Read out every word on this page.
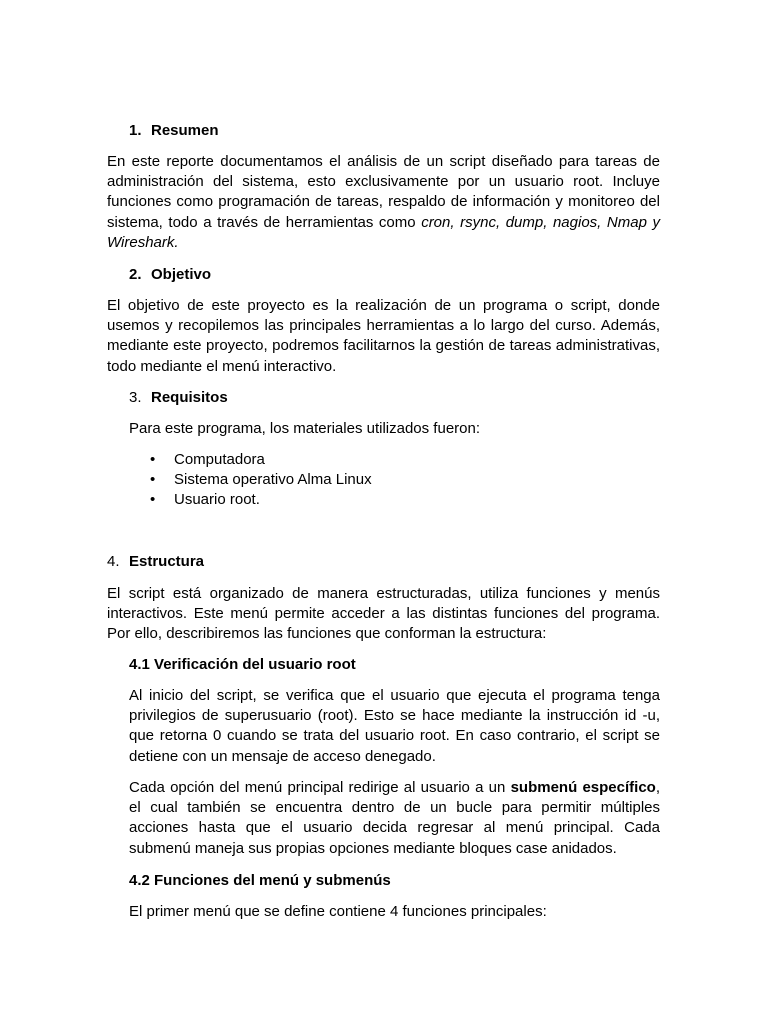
1. Resumen
En este reporte documentamos el análisis de un script diseñado para tareas de
administración del sistema, esto exclusivamente por un usuario root. Incluye
funciones como programación de tareas, respaldo de información y monitoreo del
sistema, todo a través de herramientas como cron, rsync, dump, nagios, Nmap y
Wireshark.
2. Objetivo
El objetivo de este proyecto es la realización de un programa o script, donde
usemos y recopilemos las principales herramientas a lo largo del curso. Además,
mediante este proyecto, podremos facilitarnos la gestión de tareas administrativas,
todo mediante el menú interactivo.
3. Requisitos
Para este programa, los materiales utilizados fueron:
• Computadora
• Sistema operativo Alma Linux
• Usuario root.
4. Estructura
El script está organizado de manera estructuradas, utiliza funciones y menús
interactivos. Este menú permite acceder a las distintas funciones del programa.
Por ello, describiremos las funciones que conforman la estructura:
4.1 Verificación del usuario root
Al inicio del script, se verifica que el usuario que ejecuta el programa tenga
privilegios de superusuario (root). Esto se hace mediante la instrucción id -u,
que retorna 0 cuando se trata del usuario root. En caso contrario, el script se
detiene con un mensaje de acceso denegado.
Cada opción del menú principal redirige al usuario a un submenú específico,
el cual también se encuentra dentro de un bucle para permitir múltiples
acciones hasta que el usuario decida regresar al menú principal. Cada
submenú maneja sus propias opciones mediante bloques case anidados.
4.2 Funciones del menú y submenús
El primer menú que se define contiene 4 funciones principales:
